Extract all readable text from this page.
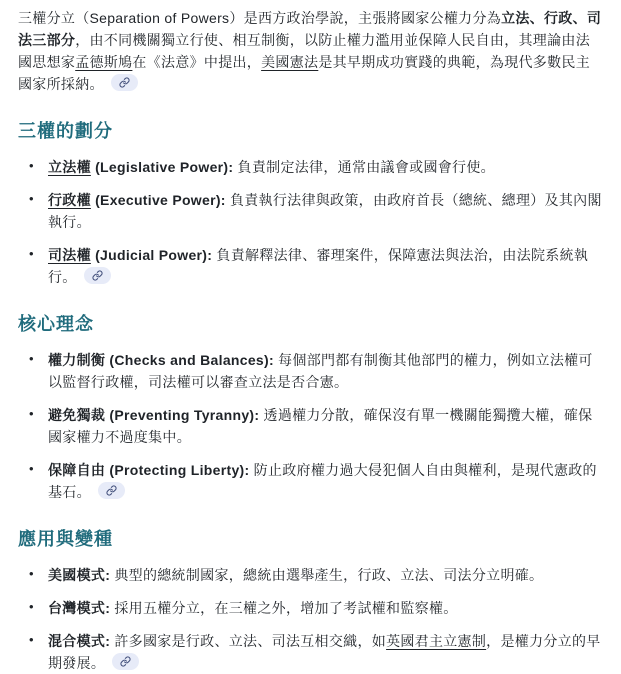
三權分立（Separation of Powers）是西方政治學說，主張將國家公權力分為立法、行政、司法三部分，由不同機關獨立行使、相互制衡，以防止權力濫用並保障人民自由，其理論由法國思想家孟德斯鳩在《法意》中提出，美國憲法是其早期成功實踐的典範，為現代多數民主國家所採納。

三權的劃分
• 立法權 (Legislative Power): 負責制定法律，通常由議會或國會行使。
• 行政權 (Executive Power): 負責執行法律與政策，由政府首長（總統、總理）及其內閣執行。
• 司法權 (Judicial Power): 負責解釋法律、審理案件，保障憲法與法治，由法院系統執行。
核心理念
• 權力制衡 (Checks and Balances): 每個部門都有制衡其他部門的權力，例如立法權可以監督行政權，司法權可以審查立法是否合憲。
• 避免獨裁 (Preventing Tyranny): 透過權力分散，確保沒有單一機關能獨攬大權，確保國家權力不過度集中。
• 保障自由 (Protecting Liberty): 防止政府權力過大侵犯個人自由與權利，是現代憲政的基石。
應用與變種
• 美國模式: 典型的總統制國家，總統由選舉產生，行政、立法、司法分立明確。
• 台灣模式: 採用五權分立，在三權之外，增加了考試權和監察權。
• 混合模式: 許多國家是行政、立法、司法互相交織，如英國君主立憲制，是權力分立的早期發展。
